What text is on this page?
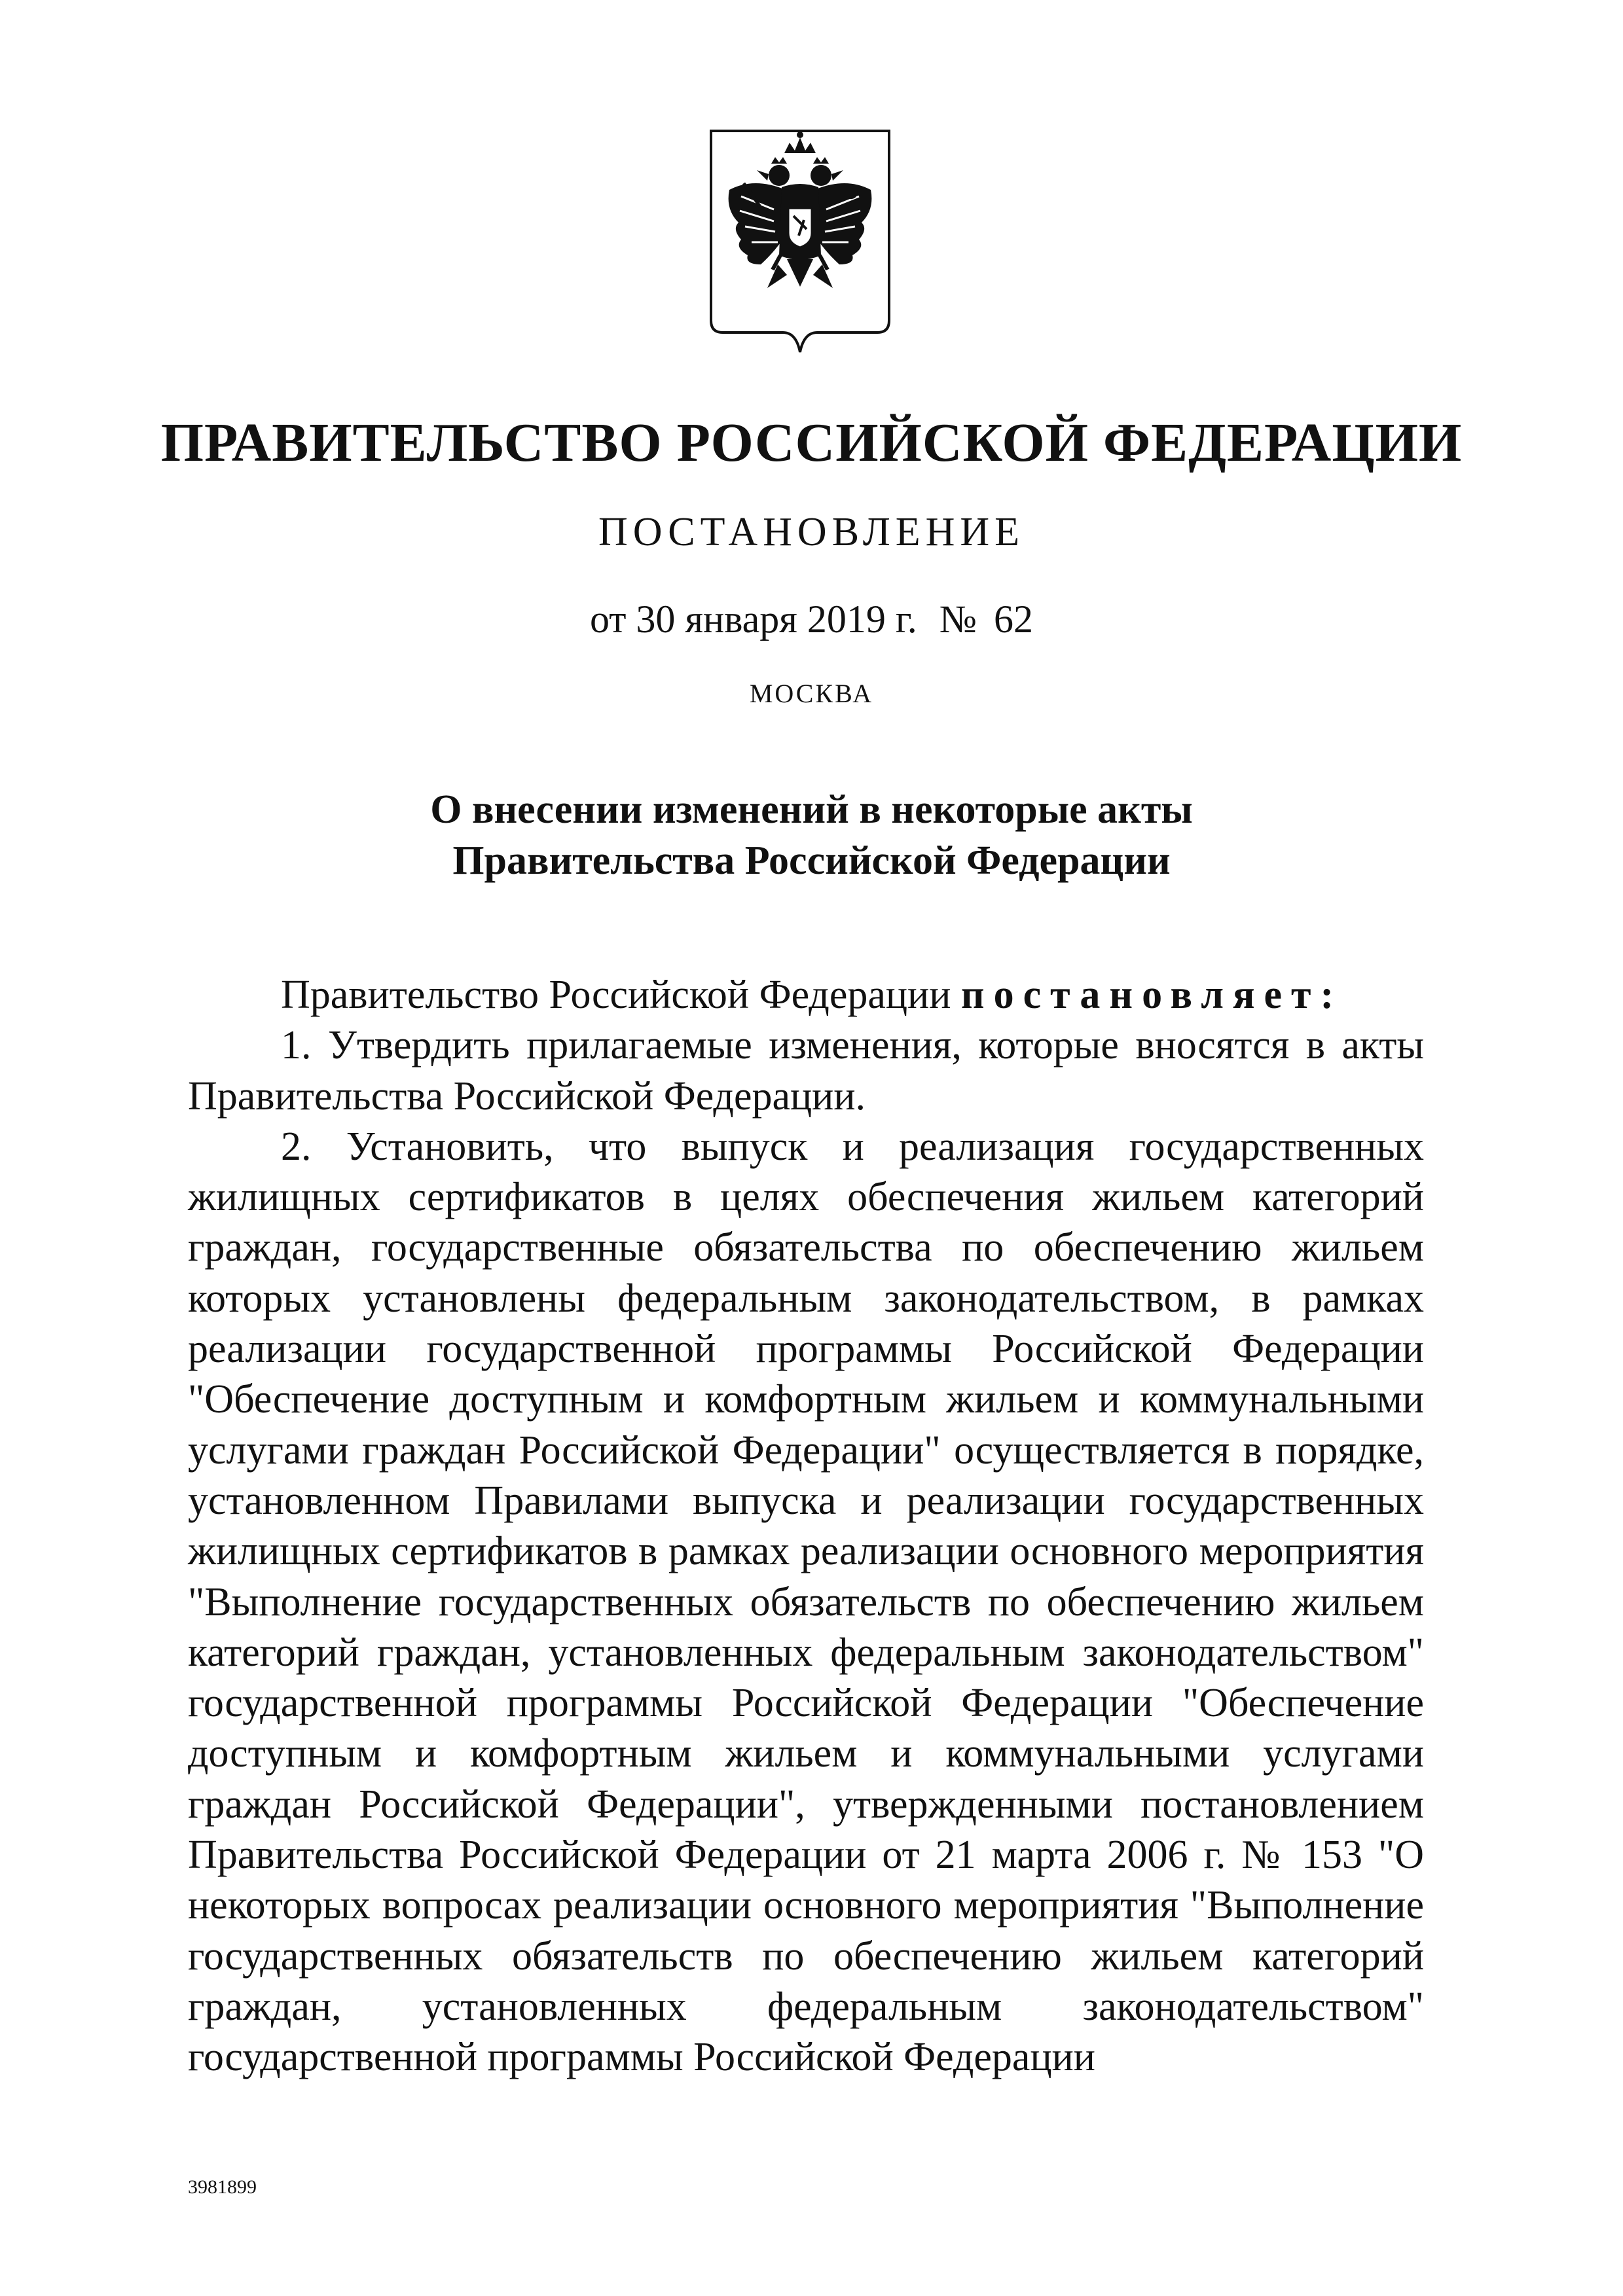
ПРАВИТЕЛЬСТВО РОССИЙСКОЙ ФЕДЕРАЦИИ
ПОСТАНОВЛЕНИЕ
от 30 января 2019 г. № 62
МОСКВА
О внесении изменений в некоторые акты
Правительства Российской Федерации

Правительство Российской Федерации постановляет:

1. Утвердить прилагаемые изменения, которые вносятся в акты Правительства Российской Федерации.

2. Установить, что выпуск и реализация государственных жилищных сертификатов в целях обеспечения жильем категорий граждан, государственные обязательства по обеспечению жильем которых установлены федеральным законодательством, в рамках реализации государственной программы Российской Федерации "Обеспечение доступным и комфортным жильем и коммунальными услугами граждан Российской Федерации" осуществляется в порядке, установленном Правилами выпуска и реализации государственных жилищных сертификатов в рамках реализации основного мероприятия "Выполнение государственных обязательств по обеспечению жильем категорий граждан, установленных федеральным законодательством" государственной программы Российской Федерации "Обеспечение доступным и комфортным жильем и коммунальными услугами граждан Российской Федерации", утвержденными постановлением Правительства Российской Федерации от 21 марта 2006 г. № 153 "О некоторых вопросах реализации основного мероприятия "Выполнение государственных обязательств по обеспечению жильем категорий граждан, установленных федеральным законодательством" государственной программы Российской Федерации

3981899
